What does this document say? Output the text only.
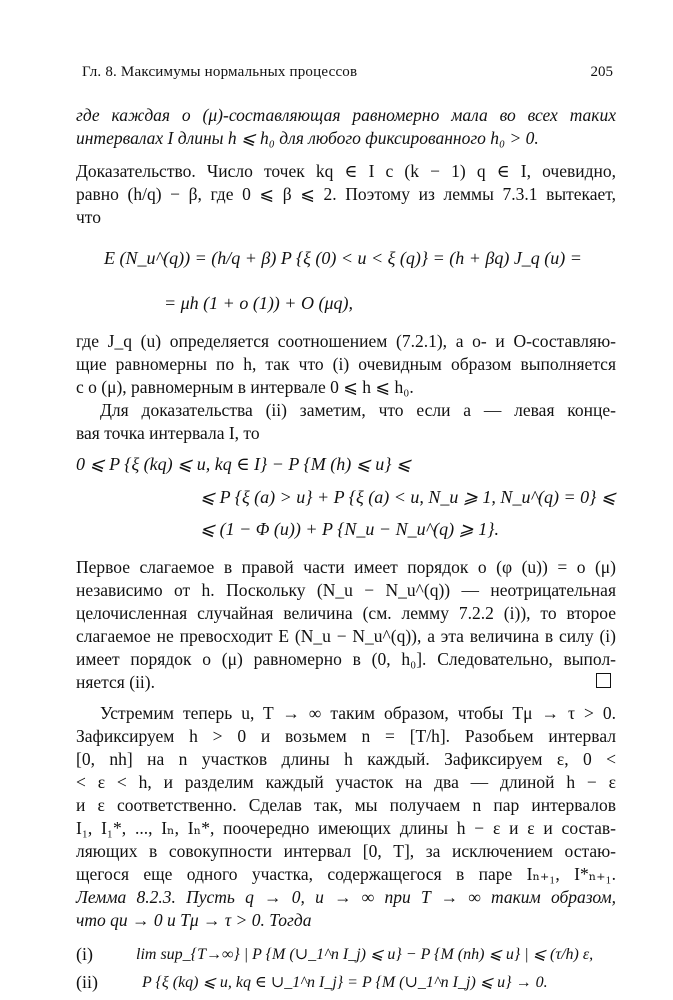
Гл. 8. Максимумы нормальных процессов	205
где каждая o (μ)-составляющая равномерно мала во всех таких
интервалах I длины h ⩽ h₀ для любого фиксированного h₀ > 0.
Доказательство. Число точек kq ∈ I с (k − 1) q ∈ I, очевидно,
равно (h/q) − β, где 0 ⩽ β ⩽ 2. Поэтому из леммы 7.3.1 вытекает,
что
E (N_u^(q)) = (h/q + β) P {ξ (0) < u < ξ (q)} = (h + βq) J_q (u) =
= μh (1 + o (1)) + O (μq),
где J_q (u) определяется соотношением (7.2.1), а o- и O-составляю-
щие равномерны по h, так что (i) очевидным образом выполняется
с o (μ), равномерным в интервале 0 ⩽ h ⩽ h₀.
Для доказательства (ii) заметим, что если a — левая конце-
вая точка интервала I, то
0 ⩽ P {ξ (kq) ⩽ u, kq ∈ I} − P {M (h) ⩽ u} ⩽
⩽ P {ξ (a) > u} + P {ξ (a) < u, N_u ⩾ 1, N_u^(q) = 0} ⩽
⩽ (1 − Φ (u)) + P {N_u − N_u^(q) ⩾ 1}.
Первое слагаемое в правой части имеет порядок o (φ (u)) = o (μ)
независимо от h. Поскольку (N_u − N_u^(q)) — неотрицательная
целочисленная случайная величина (см. лемму 7.2.2 (i)), то второе
слагаемое не превосходит E (N_u − N_u^(q)), а эта величина в силу (i)
имеет порядок o (μ) равномерно в (0, h₀]. Следовательно, выпол-
няется (ii).
Устремим теперь u, T → ∞ таким образом, чтобы Tμ → τ > 0.
Зафиксируем h > 0 и возьмем n = [T/h]. Разобьем интервал
[0, nh] на n участков длины h каждый. Зафиксируем ε, 0 <
< ε < h, и разделим каждый участок на два — длиной h − ε
и ε соответственно. Сделав так, мы получаем n пар интервалов
I₁, I₁*, ..., Iₙ, Iₙ*, поочередно имеющих длины h − ε и ε и состав-
ляющих в совокупности интервал [0, T], за исключением остаю-
щегося еще одного участка, содержащегося в паре Iₙ₊₁, I*ₙ₊₁.
Лемма 8.2.3. Пусть q → 0, u → ∞ при T → ∞ таким образом,
что qu → 0 и Tμ → τ > 0. Тогда
(i)	lim sup_{T→∞} | P {M (∪_1^n I_j) ⩽ u} − P {M (nh) ⩽ u} | ⩽ (τ/h) ε,
(ii)	P {ξ (kq) ⩽ u, kq ∈ ∪_1^n I_j} = P {M (∪_1^n I_j) ⩽ u} → 0.
